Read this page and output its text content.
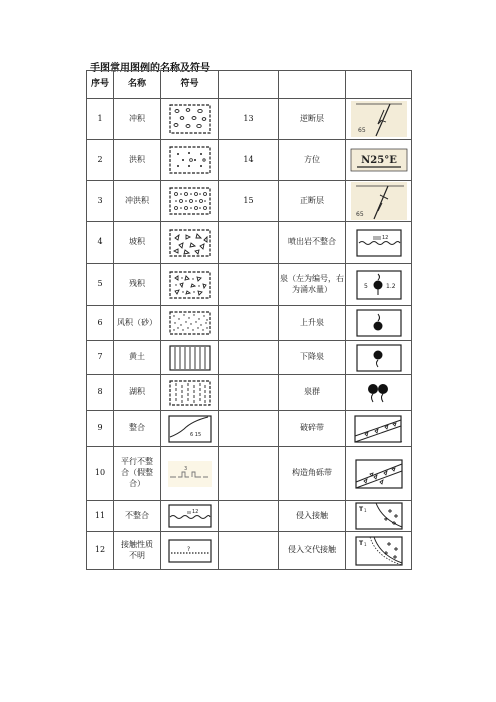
手图常用图例的名称及符号
序号	名称	符号			
1	冲积		13	逆断层	65

2	洪积		14	方位	N25°E

3	冲洪积		15	正断层	65

4	坡积			喷出岩不整合	12

5	残积			泉（左为编号，右为涌水量）	5 1.2

6	风积（砂）			上升泉	

7	黄土			下降泉	

8	湖积			泉群	

9	整合	6 15		破碎带	.

10	平行不整合（假整合）	3		构造角砾带	

11	不整合	12		侵入接触	T 1

12	接触性质不明	?		侵入交代接触	T 1
